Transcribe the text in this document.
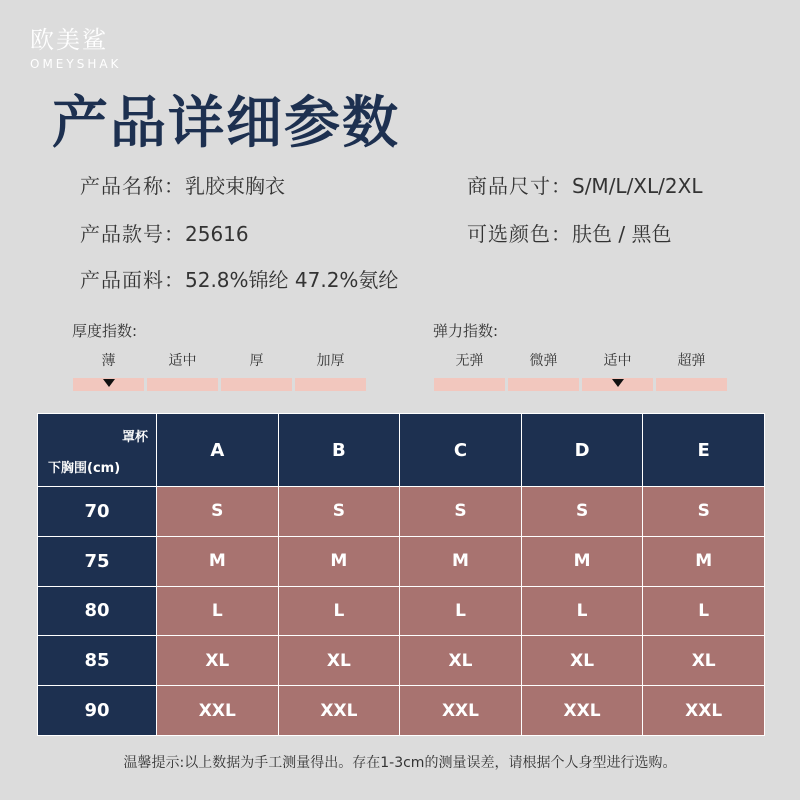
欧美鲨
OMEYSHAK
产品详细参数
产品名称：乳胶束胸衣	商品尺寸：S/M/L/XL/2XL
产品款号：25616	可选颜色：肤色 / 黑色
产品面料：52.8%锦纶 47.2%氨纶
厚度指数:
薄	适中	厚	加厚
弹力指数:
无弹	微弹	适中	超弹
罩杯
下胸围(cm)	A	B	C	D	E
70	S	S	S	S	S
75	M	M	M	M	M
80	L	L	L	L	L
85	XL	XL	XL	XL	XL
90	XXL	XXL	XXL	XXL	XXL
温馨提示:以上数据为手工测量得出。存在1-3cm的测量误差，请根据个人身型进行选购。
